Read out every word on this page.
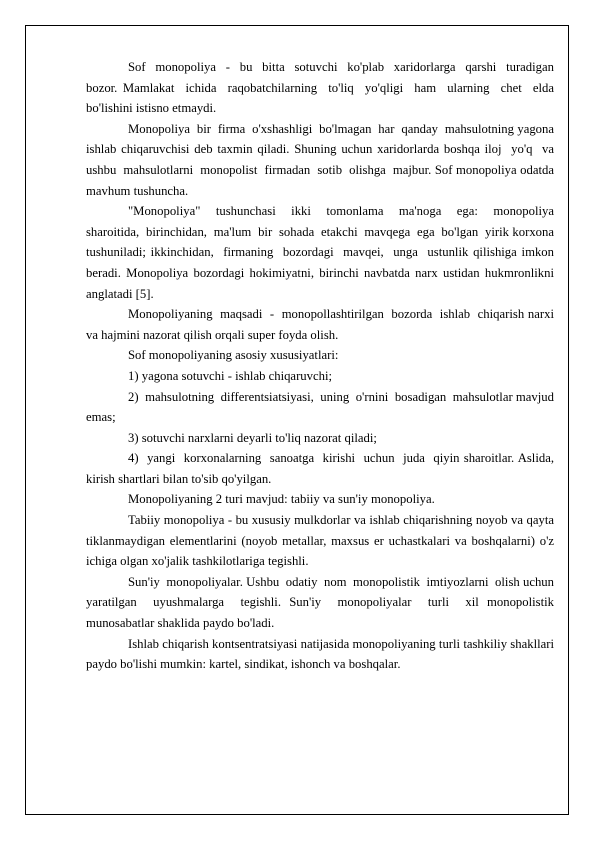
Sof  monopoliya  -  bu  bitta  sotuvchi  ko'plab  xaridorlarga  qarshi  turadigan bozor. Mamlakat  ichida  raqobatchilarning  to'liq  yo'qligi  ham  ularning  chet  elda bo'lishini istisno etmaydi.

Monopoliya  bir  firma  o'xshashligi  bo'lmagan  har  qanday  mahsulotning yagona ishlab chiqaruvchisi deb taxmin qiladi. Shuning uchun xaridorlarda boshqa iloj  yo'q  va  ushbu  mahsulotlarni  monopolist  firmadan  sotib  olishga  majbur. Sof monopoliya odatda mavhum tushuncha.

"Monopoliya"  tushunchasi  ikki  tomonlama  ma'noga  ega:  monopoliya sharoitida,  birinchidan,  ma'lum  bir  sohada  etakchi  mavqega  ega  bo'lgan  yirik korxona  tushuniladi; ikkinchidan,  firmaning  bozordagi  mavqei,  unga  ustunlik qilishiga imkon beradi. Monopoliya bozordagi hokimiyatni, birinchi navbatda narx ustidan hukmronlikni anglatadi [5].

Monopoliyaning  maqsadi  -  monopollashtirilgan  bozorda  ishlab  chiqarish narxi va hajmini nazorat qilish orqali super foyda olish.

Sof monopoliyaning asosiy xususiyatlari:

1) yagona sotuvchi - ishlab chiqaruvchi;

2)  mahsulotning  differentsiatsiyasi,  uning  o'rnini  bosadigan  mahsulotlar mavjud emas;

3) sotuvchi narxlarni deyarli to'liq nazorat qiladi;

4)  yangi  korxonalarning  sanoatga  kirishi  uchun  juda  qiyin sharoitlar. Aslida, kirish shartlari bilan to'sib qo'yilgan.

Monopoliyaning 2 turi mavjud: tabiiy va sun'iy monopoliya.

Tabiiy monopoliya - bu xususiy mulkdorlar va ishlab chiqarishning noyob va qayta tiklanmaydigan elementlarini (noyob metallar, maxsus er uchastkalari va boshqalarni) o'z ichiga olgan xo'jalik tashkilotlariga tegishli.

Sun'iy  monopoliyalar. Ushbu  odatiy  nom  monopolistik  imtiyozlarni  olish uchun  yaratilgan  uyushmalarga  tegishli. Sun'iy  monopoliyalar  turli  xil monopolistik munosabatlar shaklida paydo bo'ladi.

Ishlab chiqarish kontsentratsiyasi natijasida monopoliyaning turli tashkiliy shakllari paydo bo'lishi mumkin: kartel, sindikat, ishonch va boshqalar.
